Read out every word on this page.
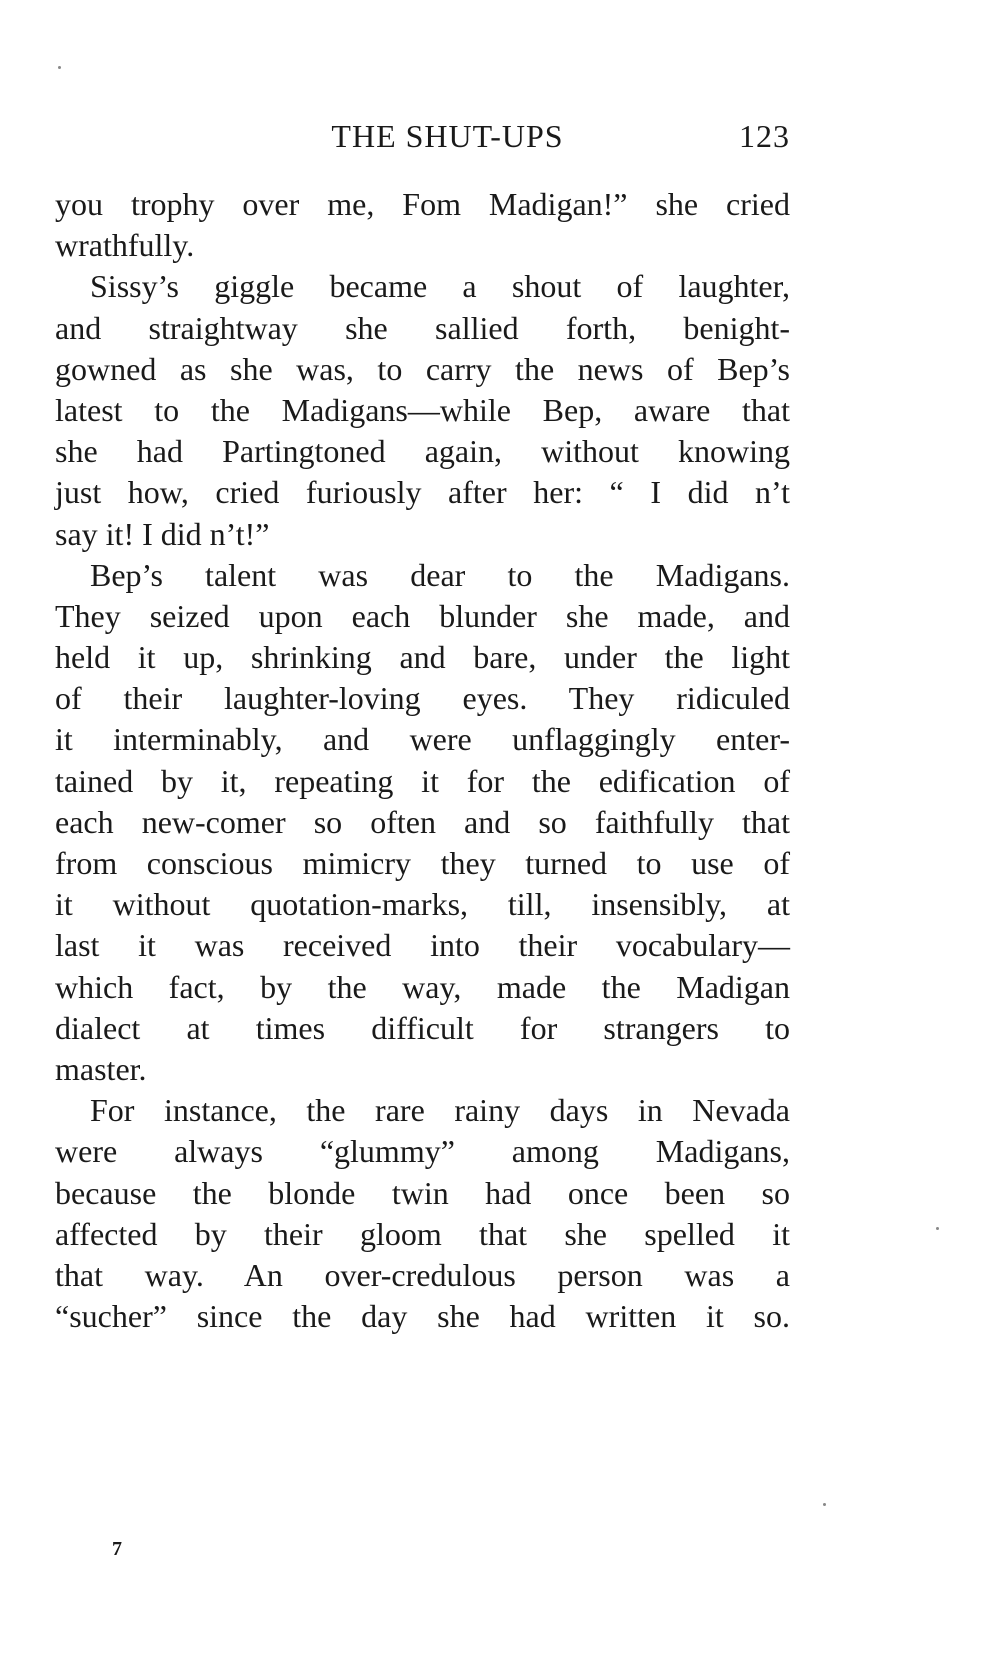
THE SHUT-UPS	123
you trophy over me, Fom Madigan!” she cried
wrathfully.
Sissy’s giggle became a shout of laughter,
and straightway she sallied forth, benight-
gowned as she was, to carry the news of Bep’s
latest to the Madigans—while Bep, aware that
she had Partingtoned again, without knowing
just how, cried furiously after her: “ I did n’t
say it! I did n’t!”
Bep’s talent was dear to the Madigans.
They seized upon each blunder she made, and
held it up, shrinking and bare, under the light
of their laughter-loving eyes. They ridiculed
it interminably, and were unflaggingly enter-
tained by it, repeating it for the edification of
each new-comer so often and so faithfully that
from conscious mimicry they turned to use of
it without quotation-marks, till, insensibly, at
last it was received into their vocabulary—
which fact, by the way, made the Madigan
dialect at times difficult for strangers to
master.
For instance, the rare rainy days in Nevada
were always “glummy” among Madigans,
because the blonde twin had once been so
affected by their gloom that she spelled it
that way. An over-credulous person was a
“sucher” since the day she had written it so.
7
